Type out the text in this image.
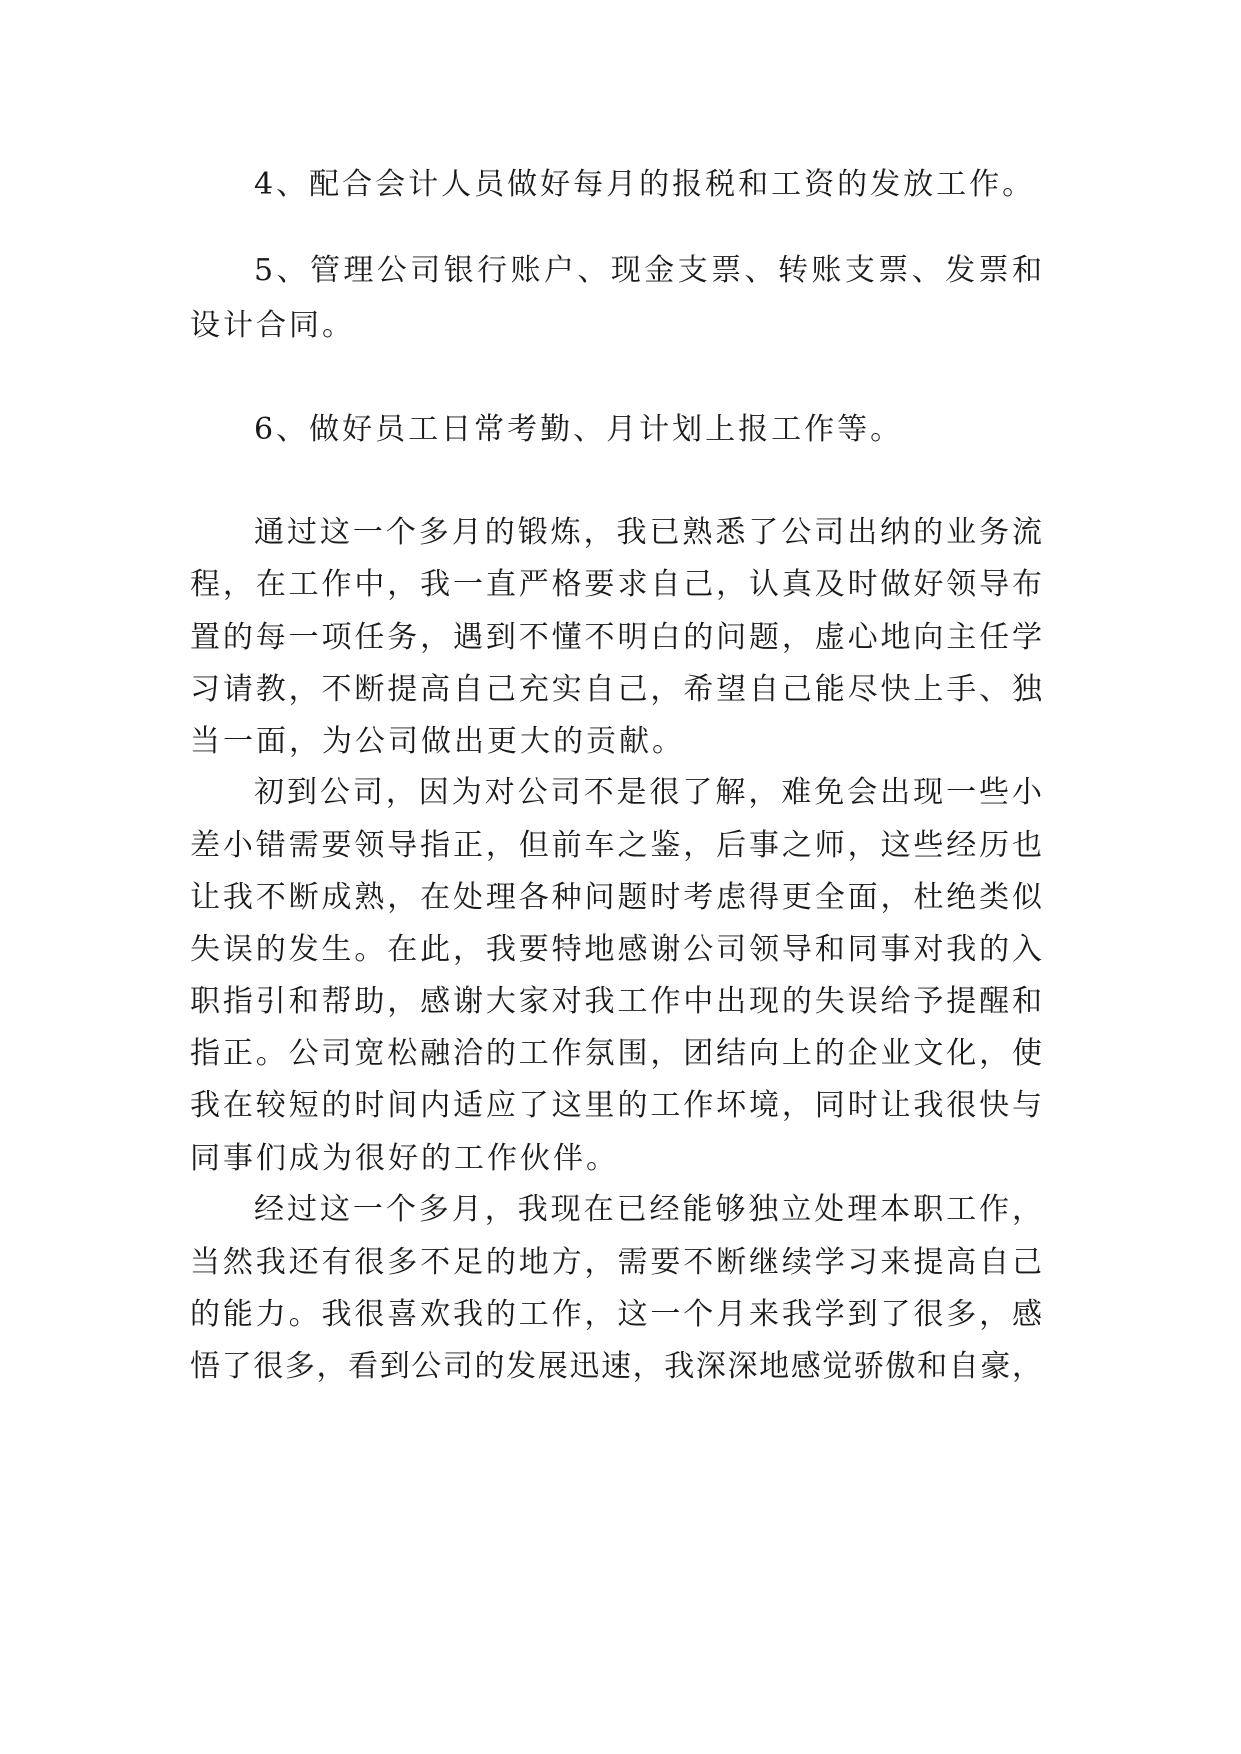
4、配合会计人员做好每月的报税和工资的发放工作。
5、管理公司银行账户、现金支票、转账支票、发票和
设计合同。
6、做好员工日常考勤、月计划上报工作等。
通过这一个多月的锻炼，我已熟悉了公司出纳的业务流
程，在工作中，我一直严格要求自己，认真及时做好领导布
置的每一项任务，遇到不懂不明白的问题，虚心地向主任学
习请教，不断提高自己充实自己，希望自己能尽快上手、独
当一面，为公司做出更大的贡献。
初到公司，因为对公司不是很了解，难免会出现一些小
差小错需要领导指正，但前车之鉴，后事之师，这些经历也
让我不断成熟，在处理各种问题时考虑得更全面，杜绝类似
失误的发生。在此，我要特地感谢公司领导和同事对我的入
职指引和帮助，感谢大家对我工作中出现的失误给予提醒和
指正。公司宽松融洽的工作氛围，团结向上的企业文化，使
我在较短的时间内适应了这里的工作坏境，同时让我很快与
同事们成为很好的工作伙伴。
经过这一个多月，我现在已经能够独立处理本职工作，
当然我还有很多不足的地方，需要不断继续学习来提高自己
的能力。我很喜欢我的工作，这一个月来我学到了很多，感
悟了很多，看到公司的发展迅速，我深深地感觉骄傲和自豪，
